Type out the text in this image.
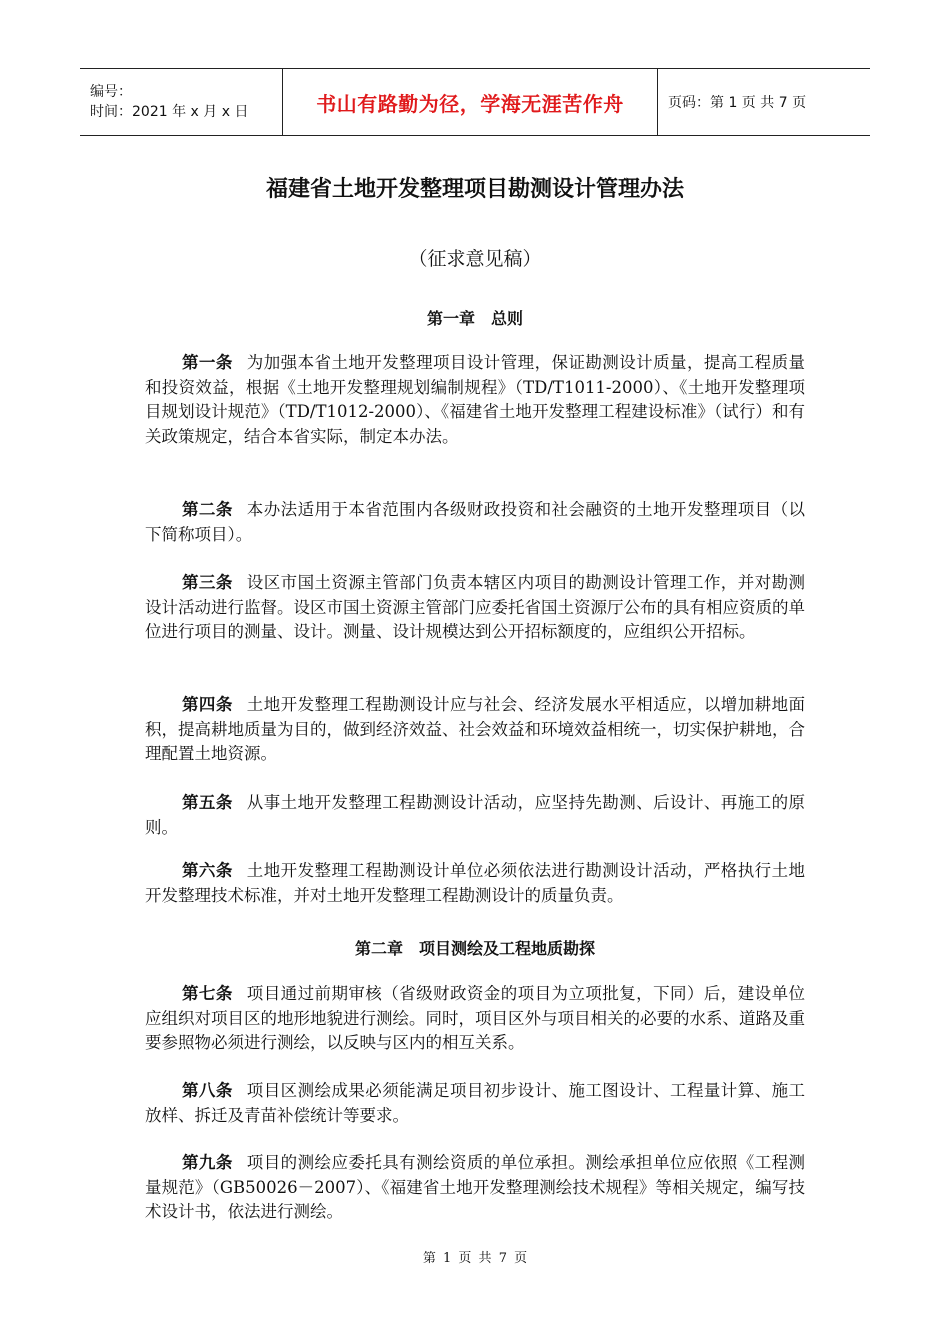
编号：
时间：2021 年 x 月 x 日	书山有路勤为径，学海无涯苦作舟	页码：第 1 页 共 7 页
福建省土地开发整理项目勘测设计管理办法
（征求意见稿）
第一章　总则

第一条 为加强本省土地开发整理项目设计管理，保证勘测设计质量，提高工程质量和投资效益，根据《土地开发整理规划编制规程》（TD/T1011-2000）、《土地开发整理项目规划设计规范》（TD/T1012-2000）、《福建省土地开发整理工程建设标准》（试行）和有关政策规定，结合本省实际，制定本办法。

第二条 本办法适用于本省范围内各级财政投资和社会融资的土地开发整理项目（以下简称项目）。

第三条 设区市国土资源主管部门负责本辖区内项目的勘测设计管理工作，并对勘测设计活动进行监督。设区市国土资源主管部门应委托省国土资源厅公布的具有相应资质的单位进行项目的测量、设计。测量、设计规模达到公开招标额度的，应组织公开招标。

第四条 土地开发整理工程勘测设计应与社会、经济发展水平相适应，以增加耕地面积，提高耕地质量为目的，做到经济效益、社会效益和环境效益相统一，切实保护耕地，合理配置土地资源。

第五条 从事土地开发整理工程勘测设计活动，应坚持先勘测、后设计、再施工的原则。

第六条 土地开发整理工程勘测设计单位必须依法进行勘测设计活动，严格执行土地开发整理技术标准，并对土地开发整理工程勘测设计的质量负责。

第二章　项目测绘及工程地质勘探

第七条 项目通过前期审核（省级财政资金的项目为立项批复，下同）后，建设单位应组织对项目区的地形地貌进行测绘。同时，项目区外与项目相关的必要的水系、道路及重要参照物必须进行测绘，以反映与区内的相互关系。

第八条 项目区测绘成果必须能满足项目初步设计、施工图设计、工程量计算、施工放样、拆迁及青苗补偿统计等要求。

第九条 项目的测绘应委托具有测绘资质的单位承担。测绘承担单位应依照《工程测量规范》（GB50026－2007）、《福建省土地开发整理测绘技术规程》等相关规定，编写技术设计书，依法进行测绘。

第 1 页 共 7 页
